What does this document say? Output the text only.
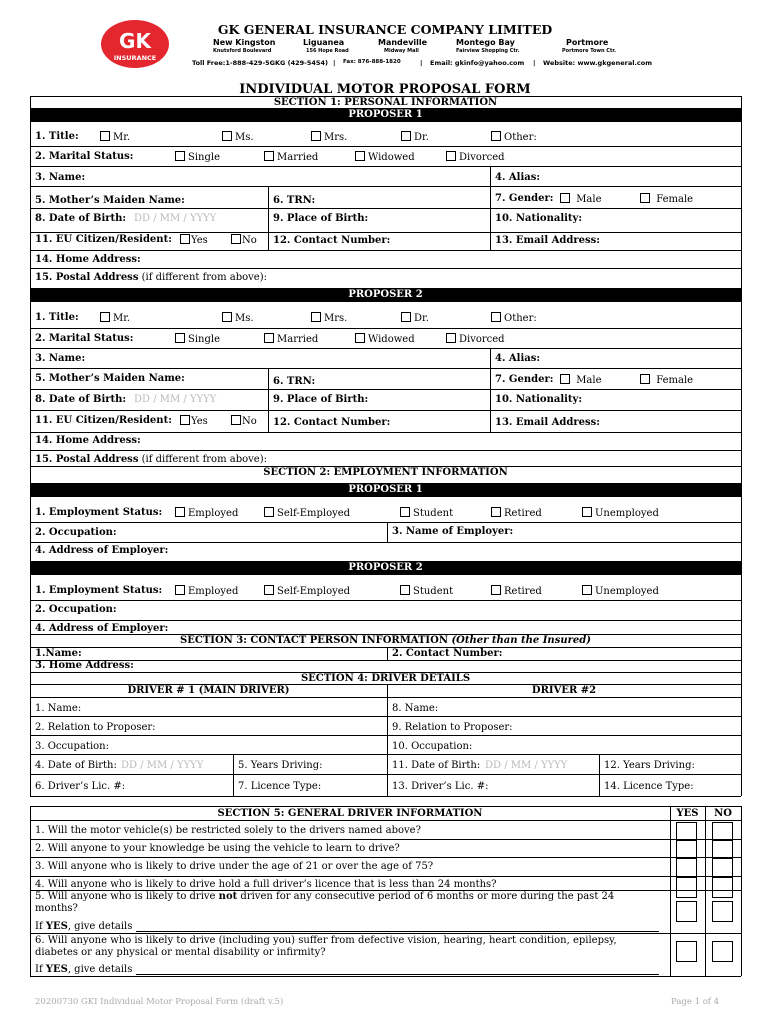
GK
INSURANCE
GK GENERAL INSURANCE COMPANY LIMITED
New Kingston
Knutsford Boulevard
Liguanea
156 Hope Road
Mandeville
Midway Mall
Montego Bay
Fairview Shopping Ctr.
Portmore
Portmore Town Ctr.
Toll Free:1-888-429-5GKG (429-5454) | Fax: 876-888-1820	| Email: gkinfo@yahoo.com | Website: www.gkgeneral.com
INDIVIDUAL MOTOR PROPOSAL FORM
SECTION 1: PERSONAL INFORMATION
PROPOSER 1
1. Title:	Mr.	Ms.	Mrs.	Dr.	Other:
2. Marital Status:	Single	Married	Widowed	Divorced
3. Name:	4. Alias:
5. Mother’s Maiden Name:	6. TRN:	7. Gender:	Male	Female
8. Date of Birth: DD / MM / YYYY	9. Place of Birth:	10. Nationality:
11. EU Citizen/Resident:	Yes	No 12. Contact Number:	13. Email Address:
14. Home Address:
15. Postal Address (if different from above):
PROPOSER 2
1. Title:	Mr.	Ms.	Mrs.	Dr.	Other:
2. Marital Status:	Single	Married	Widowed	Divorced
3. Name:	4. Alias:
5. Mother’s Maiden Name:	6. TRN:	7. Gender:	Male	Female
8. Date of Birth: DD / MM / YYYY	9. Place of Birth:	10. Nationality:
11. EU Citizen/Resident:	Yes	No 12. Contact Number:	13. Email Address:
14. Home Address:
15. Postal Address (if different from above):
SECTION 2: EMPLOYMENT INFORMATION
PROPOSER 1
1. Employment Status:	Employed	Self-Employed	Student	Retired	Unemployed
2. Occupation:	3. Name of Employer:
4. Address of Employer:
PROPOSER 2
1. Employment Status:	Employed	Self-Employed	Student	Retired	Unemployed
2. Occupation:
4. Address of Employer:
SECTION 3: CONTACT PERSON INFORMATION (Other than the Insured)
1.Name:	2. Contact Number:
3. Home Address:
SECTION 4: DRIVER DETAILS
DRIVER # 1 (MAIN DRIVER)	DRIVER #2
1. Name:	8. Name:
2. Relation to Proposer:	9. Relation to Proposer:
3. Occupation:	10. Occupation:
4. Date of Birth: DD / MM / YYYY	5. Years Driving:	11. Date of Birth: DD / MM / YYYY	12. Years Driving:
6. Driver’s Lic. #:	7. Licence Type:	13. Driver’s Lic. #:	14. Licence Type:
SECTION 5: GENERAL DRIVER INFORMATION	YES	NO
1. Will the motor vehicle(s) be restricted solely to the drivers named above?
2. Will anyone to your knowledge be using the vehicle to learn to drive?
3. Will anyone who is likely to drive under the age of 21 or over the age of 75?
4. Will anyone who is likely to drive hold a full driver’s licence that is less than 24 months?
5. Will anyone who is likely to drive not driven for any consecutive period of 6 months or more during the past 24
months?
If YES, give details
6. Will anyone who is likely to drive (including you) suffer from defective vision, hearing, heart condition, epilepsy,
diabetes or any physical or mental disability or infirmity?
If YES, give details
20200730 GKI Individual Motor Proposal Form (draft v.5)	Page 1 of 4
